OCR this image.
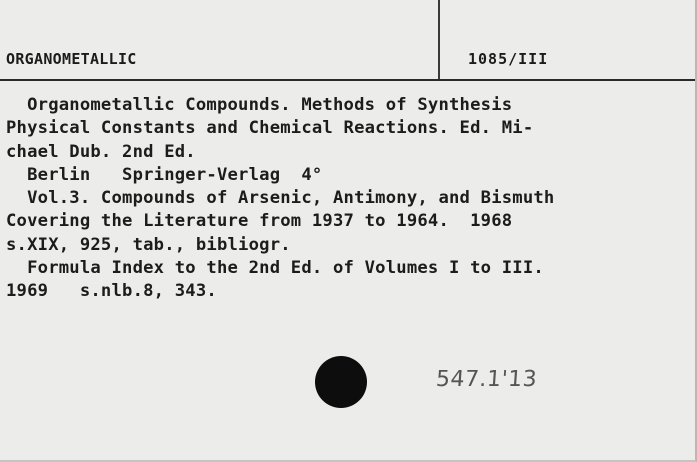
ORGANOMETALLIC	1085/III
Organometallic Compounds. Methods of Synthesis
Physical Constants and Chemical Reactions. Ed. Mi-
chael Dub. 2nd Ed.
Berlin   Springer-Verlag  4°
Vol.3. Compounds of Arsenic, Antimony, and Bismuth
Covering the Literature from 1937 to 1964.  1968
s.XIX, 925, tab., bibliogr.
Formula Index to the 2nd Ed. of Volumes I to III.
1969   s.nlb.8, 343.
547.1'13
